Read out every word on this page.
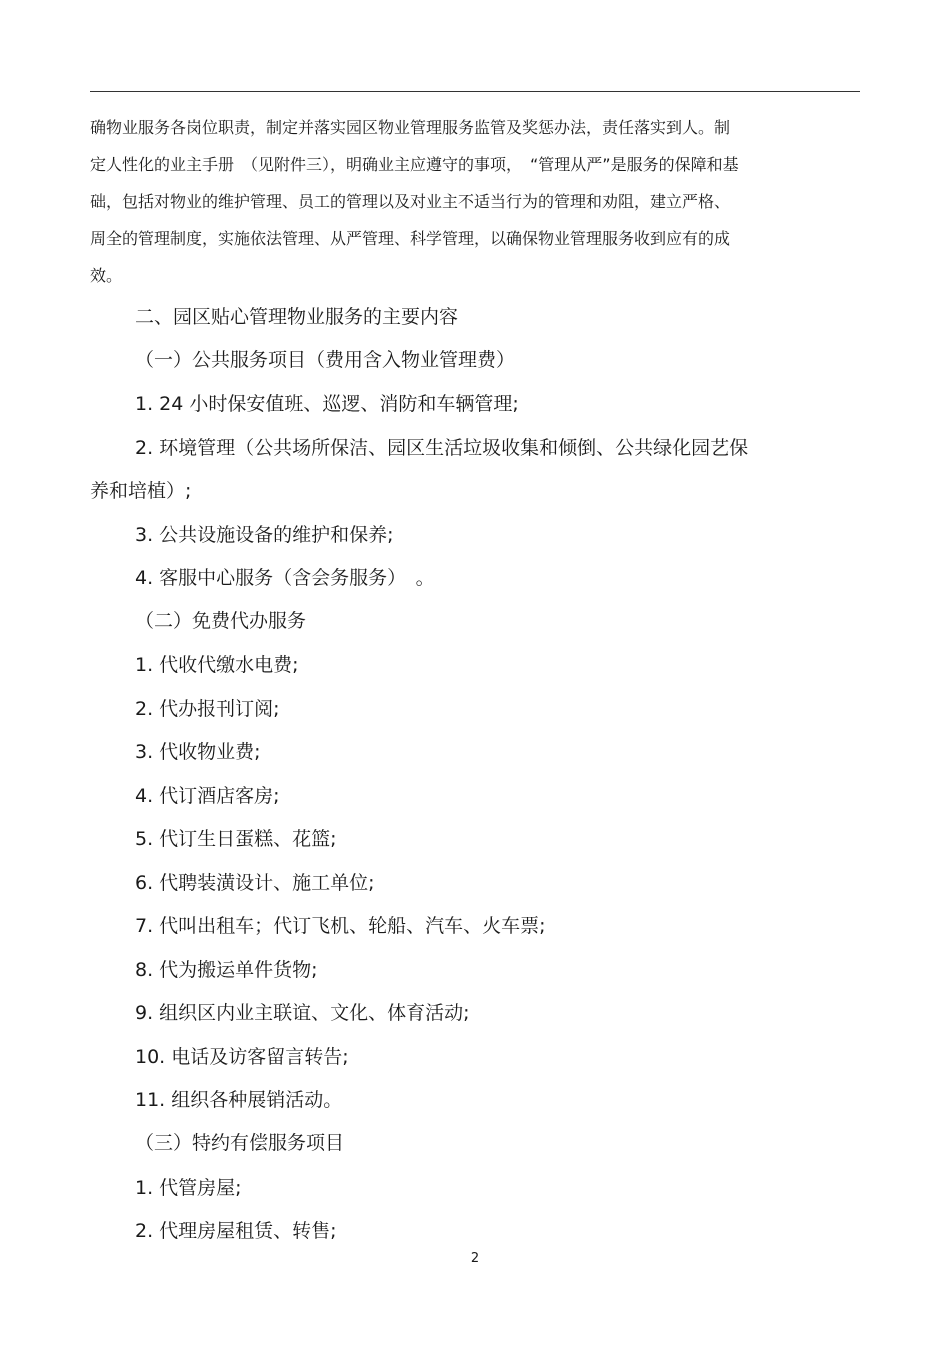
确物业服务各岗位职责，制定并落实园区物业管理服务监管及奖惩办法，责任落实到人。制
定人性化的业主手册　（见附件三），明确业主应遵守的事项，　“管理从严”是服务的保障和基
础，包括对物业的维护管理、员工的管理以及对业主不适当行为的管理和劝阻，建立严格、
周全的管理制度，实施依法管理、从严管理、科学管理，以确保物业管理服务收到应有的成
效。
二、园区贴心管理物业服务的主要内容
（一）公共服务项目（费用含入物业管理费）
1. 24 小时保安值班、巡逻、消防和车辆管理;
2. 环境管理（公共场所保洁、园区生活垃圾收集和倾倒、公共绿化园艺保
养和培植）;
3. 公共设施设备的维护和保养;
4. 客服中心服务（含会务服务）　。
（二）免费代办服务
1. 代收代缴水电费;
2. 代办报刊订阅;
3. 代收物业费;
4. 代订酒店客房;
5. 代订生日蛋糕、花篮;
6. 代聘装潢设计、施工单位;
7. 代叫出租车；代订飞机、轮船、汽车、火车票;
8. 代为搬运单件货物;
9. 组织区内业主联谊、文化、体育活动;
10. 电话及访客留言转告;
11. 组织各种展销活动。
（三）特约有偿服务项目
1. 代管房屋;
2. 代理房屋租赁、转售;
2
